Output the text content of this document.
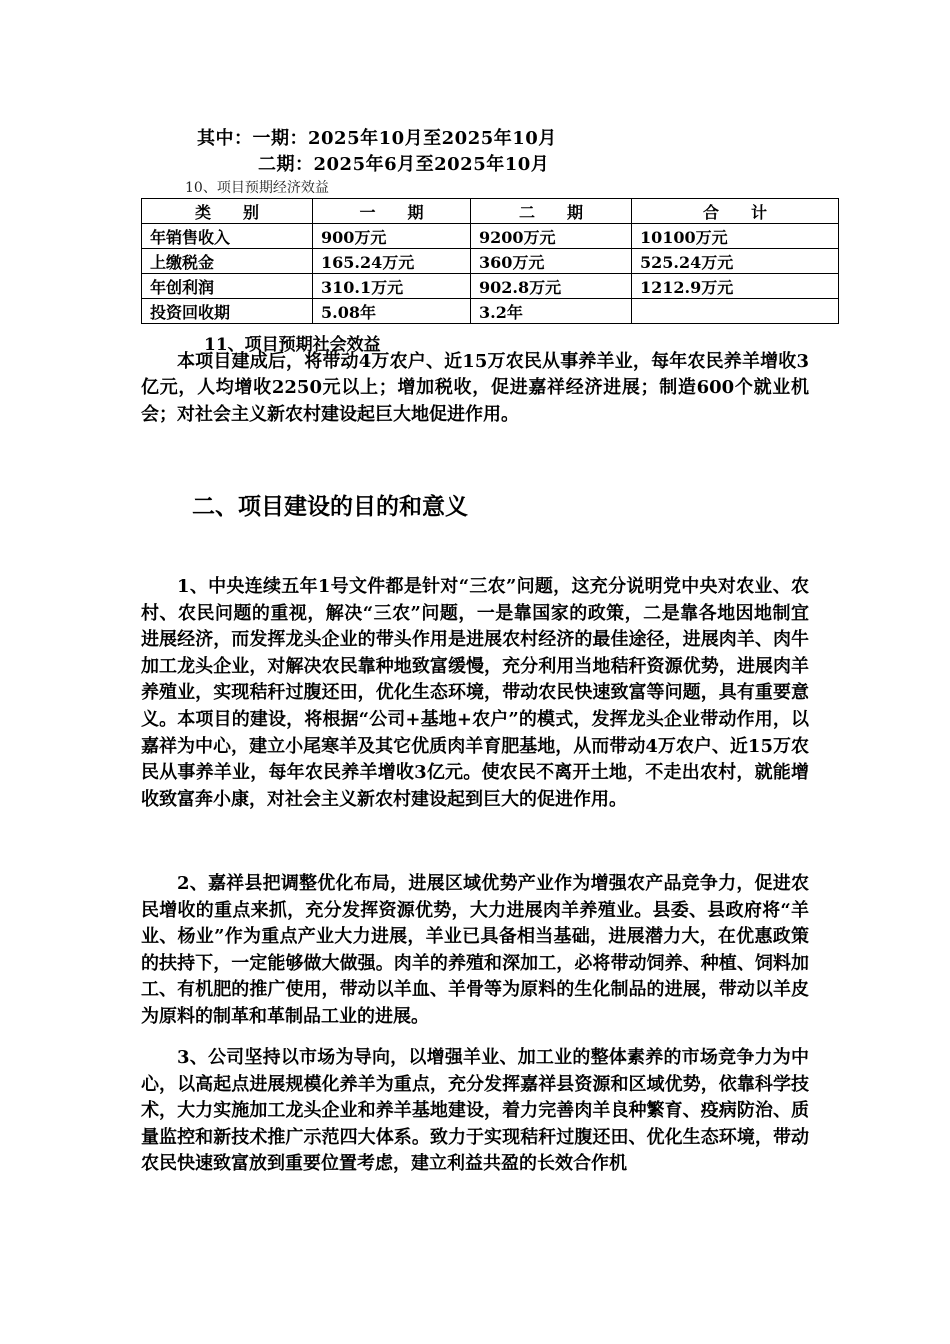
其中：一期：2025年10月至2025年10月
二期：2025年6月至2025年10月
10、项目预期经济效益
类　　别	一　　期	二　　期	合　　计
年销售收入	900万元	9200万元	10100万元
上缴税金	165.24万元	360万元	525.24万元
年创利润	310.1万元	902.8万元	1212.9万元
投资回收期	5.08年	3.2年	
11、项目预期社会效益

本项目建成后，将带动4万农户、近15万农民从事养羊业，每年农民养羊增收3亿元，人均增收2250元以上；增加税收，促进嘉祥经济进展；制造600个就业机会；对社会主义新农村建设起巨大地促进作用。

二、项目建设的目的和意义

1、中央连续五年1号文件都是针对“三农”问题，这充分说明党中央对农业、农村、农民问题的重视，解决“三农”问题，一是靠国家的政策，二是靠各地因地制宜进展经济，而发挥龙头企业的带头作用是进展农村经济的最佳途径，进展肉羊、肉牛加工龙头企业，对解决农民靠种地致富缓慢，充分利用当地秸秆资源优势，进展肉羊养殖业，实现秸秆过腹还田，优化生态环境，带动农民快速致富等问题，具有重要意义。本项目的建设，将根据“公司+基地+农户”的模式，发挥龙头企业带动作用，以嘉祥为中心，建立小尾寒羊及其它优质肉羊育肥基地，从而带动4万农户、近15万农民从事养羊业，每年农民养羊增收3亿元。使农民不离开土地，不走出农村，就能增收致富奔小康，对社会主义新农村建设起到巨大的促进作用。

2、嘉祥县把调整优化布局，进展区域优势产业作为增强农产品竞争力，促进农民增收的重点来抓，充分发挥资源优势，大力进展肉羊养殖业。县委、县政府将“羊业、杨业”作为重点产业大力进展，羊业已具备相当基础，进展潜力大，在优惠政策的扶持下，一定能够做大做强。肉羊的养殖和深加工，必将带动饲养、种植、饲料加工、有机肥的推广使用，带动以羊血、羊骨等为原料的生化制品的进展，带动以羊皮为原料的制革和革制品工业的进展。

3、公司坚持以市场为导向，以增强羊业、加工业的整体素养的市场竞争力为中心，以高起点进展规模化养羊为重点，充分发挥嘉祥县资源和区域优势，依靠科学技术，大力实施加工龙头企业和养羊基地建设，着力完善肉羊良种繁育、疫病防治、质量监控和新技术推广示范四大体系。致力于实现秸秆过腹还田、优化生态环境，带动农民快速致富放到重要位置考虑，建立利益共盈的长效合作机
